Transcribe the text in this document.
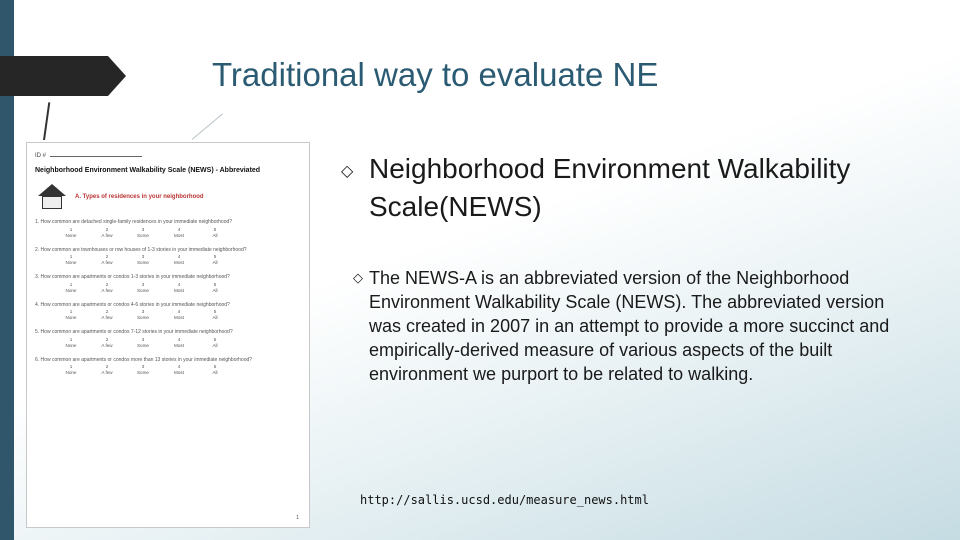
Traditional way to evaluate NE
ID #
Neighborhood Environment Walkability Scale (NEWS) - Abbreviated
A. Types of residences in your neighborhood
1. How common are detached single-family residences in your immediate neighborhood?
1	2	3	4	5
None	A few	Some	Most	All
2. How common are townhouses or row houses of 1-3 stories in your immediate neighborhood?
1	2	3	4	5
None	A few	Some	Most	All
3. How common are apartments or condos 1-3 stories in your immediate neighborhood?
1	2	3	4	5
None	A few	Some	Most	All
4. How common are apartments or condos 4-6 stories in your immediate neighborhood?
1	2	3	4	5
None	A few	Some	Most	All
5. How common are apartments or condos 7-12 stories in your immediate neighborhood?
1	2	3	4	5
None	A few	Some	Most	All
6. How common are apartments or condos more than 13 stories in your immediate neighborhood?
1	2	3	4	5
None	A few	Some	Most	All
1
◇ Neighborhood Environment Walkability Scale(NEWS)
◇ The NEWS-A is an abbreviated version of the Neighborhood Environment Walkability Scale (NEWS). The abbreviated version was created in 2007 in an attempt to provide a more succinct and empirically-derived measure of various aspects of the built environment we purport to be related to walking.
http://sallis.ucsd.edu/measure_news.html
